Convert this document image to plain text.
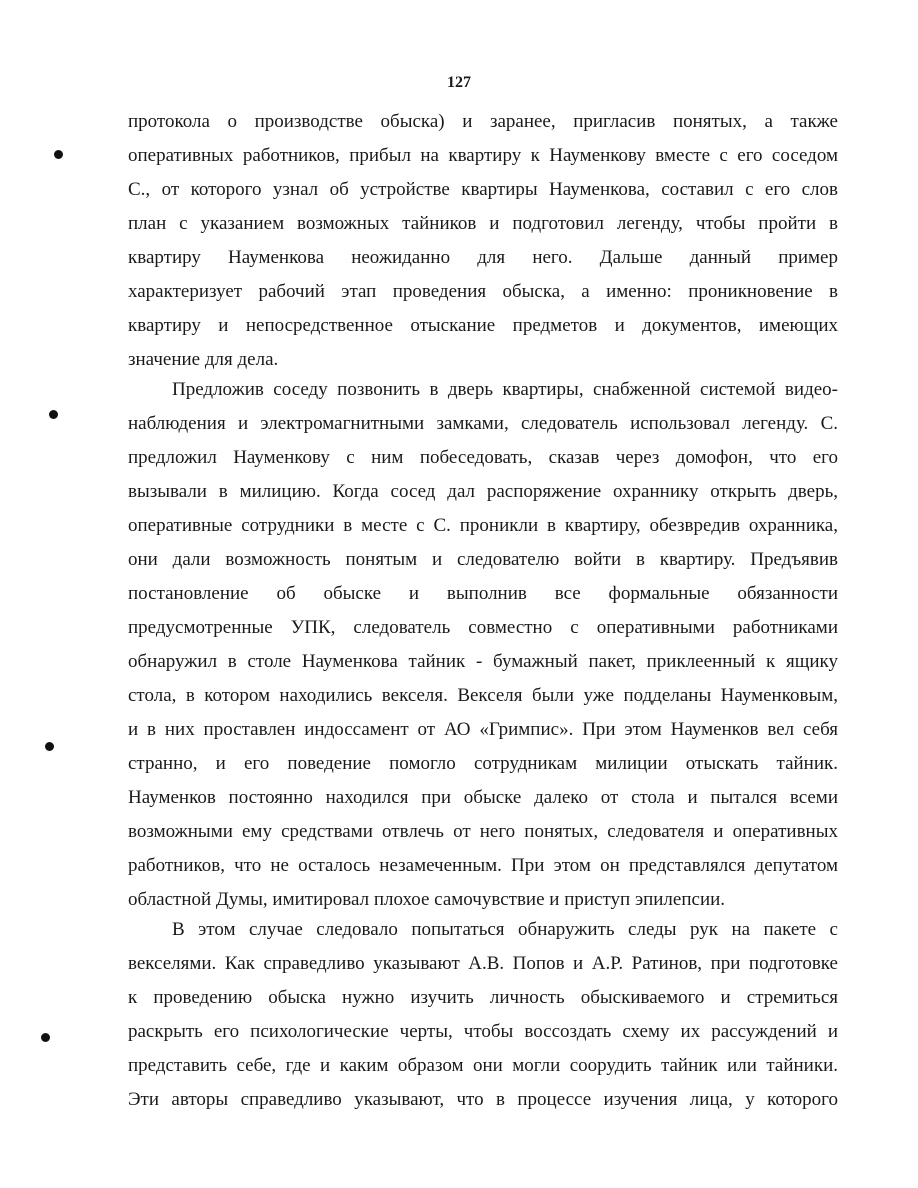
127
протокола о производстве обыска) и заранее, пригласив понятых, а также
оперативных работников, прибыл на квартиру к Науменкову вместе с его соседом
С., от которого узнал об устройстве квартиры Науменкова, составил с его слов
план с указанием возможных тайников и подготовил легенду, чтобы пройти в
квартиру Науменкова неожиданно для него. Дальше данный пример
характеризует рабочий этап проведения обыска, а именно: проникновение в
квартиру и непосредственное отыскание предметов и документов, имеющих
значение для дела.
Предложив соседу позвонить в дверь квартиры, снабженной системой видео-
наблюдения и электромагнитными замками, следователь использовал легенду. С.
предложил Науменкову с ним побеседовать, сказав через домофон, что его
вызывали в милицию. Когда сосед дал распоряжение охраннику открыть дверь,
оперативные сотрудники в месте с С. проникли в квартиру, обезвредив охранника,
они дали возможность понятым и следователю войти в квартиру. Предъявив
постановление об обыске и выполнив все формальные обязанности
предусмотренные УПК, следователь совместно с оперативными работниками
обнаружил в столе Науменкова тайник - бумажный пакет, приклеенный к ящику
стола, в котором находились векселя. Векселя были уже подделаны Науменковым,
и в них проставлен индоссамент от АО «Гримпис». При этом Науменков вел себя
странно, и его поведение помогло сотрудникам милиции отыскать тайник.
Науменков постоянно находился при обыске далеко от стола и пытался всеми
возможными ему средствами отвлечь от него понятых, следователя и оперативных
работников, что не осталось незамеченным. При этом он представлялся депутатом
областной Думы, имитировал плохое самочувствие и приступ эпилепсии.
В этом случае следовало попытаться обнаружить следы рук на пакете с
векселями. Как справедливо указывают А.В. Попов и А.Р. Ратинов, при подготовке
к проведению обыска нужно изучить личность обыскиваемого и стремиться
раскрыть его психологические черты, чтобы воссоздать схему их рассуждений и
представить себе, где и каким образом они могли соорудить тайник или тайники.
Эти авторы справедливо указывают, что в процессе изучения лица, у которого
